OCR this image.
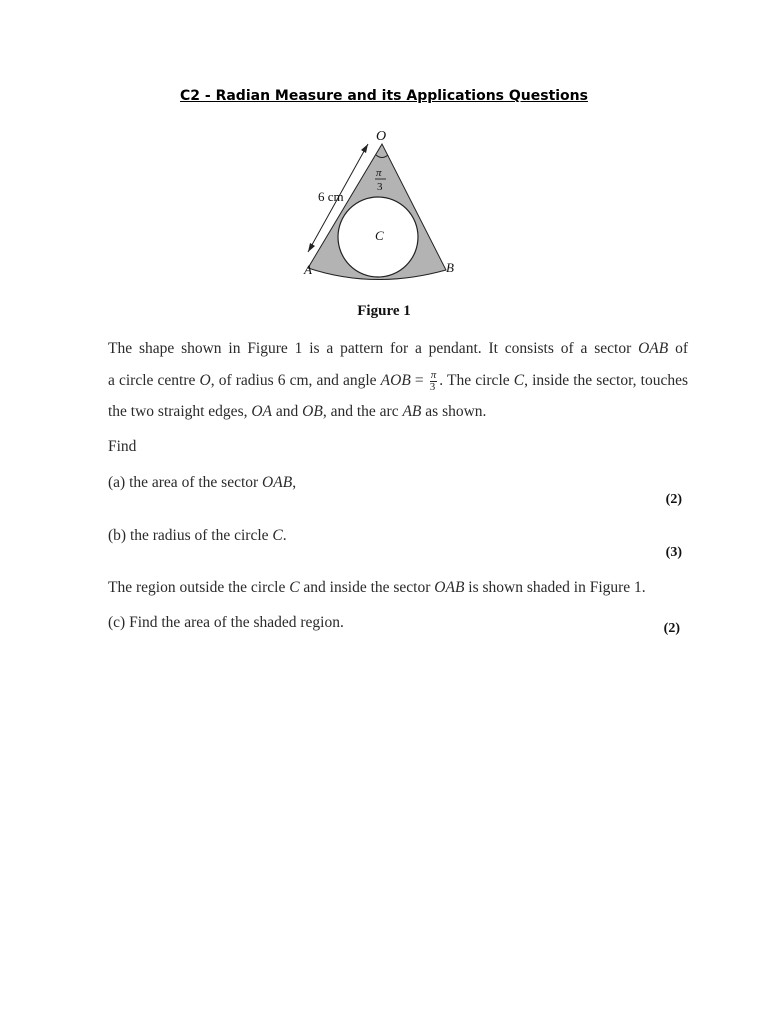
C2 - Radian Measure and its Applications Questions
O
A	B
C
6 cm
π
3
Figure 1
The shape shown in Figure 1 is a pattern for a pendant. It consists of a sector OAB of
a circle centre O, of radius 6 cm, and angle AOB = $\frac{\pi}{3}$ . The circle C, inside the sector, touches
the two straight edges, OA and OB, and the arc AB as shown.
Find
(a) the area of the sector OAB,
(2)
(b) the radius of the circle C.
(3)
The region outside the circle C and inside the sector OAB is shown shaded in Figure 1.
(c) Find the area of the shaded region.	(2)
